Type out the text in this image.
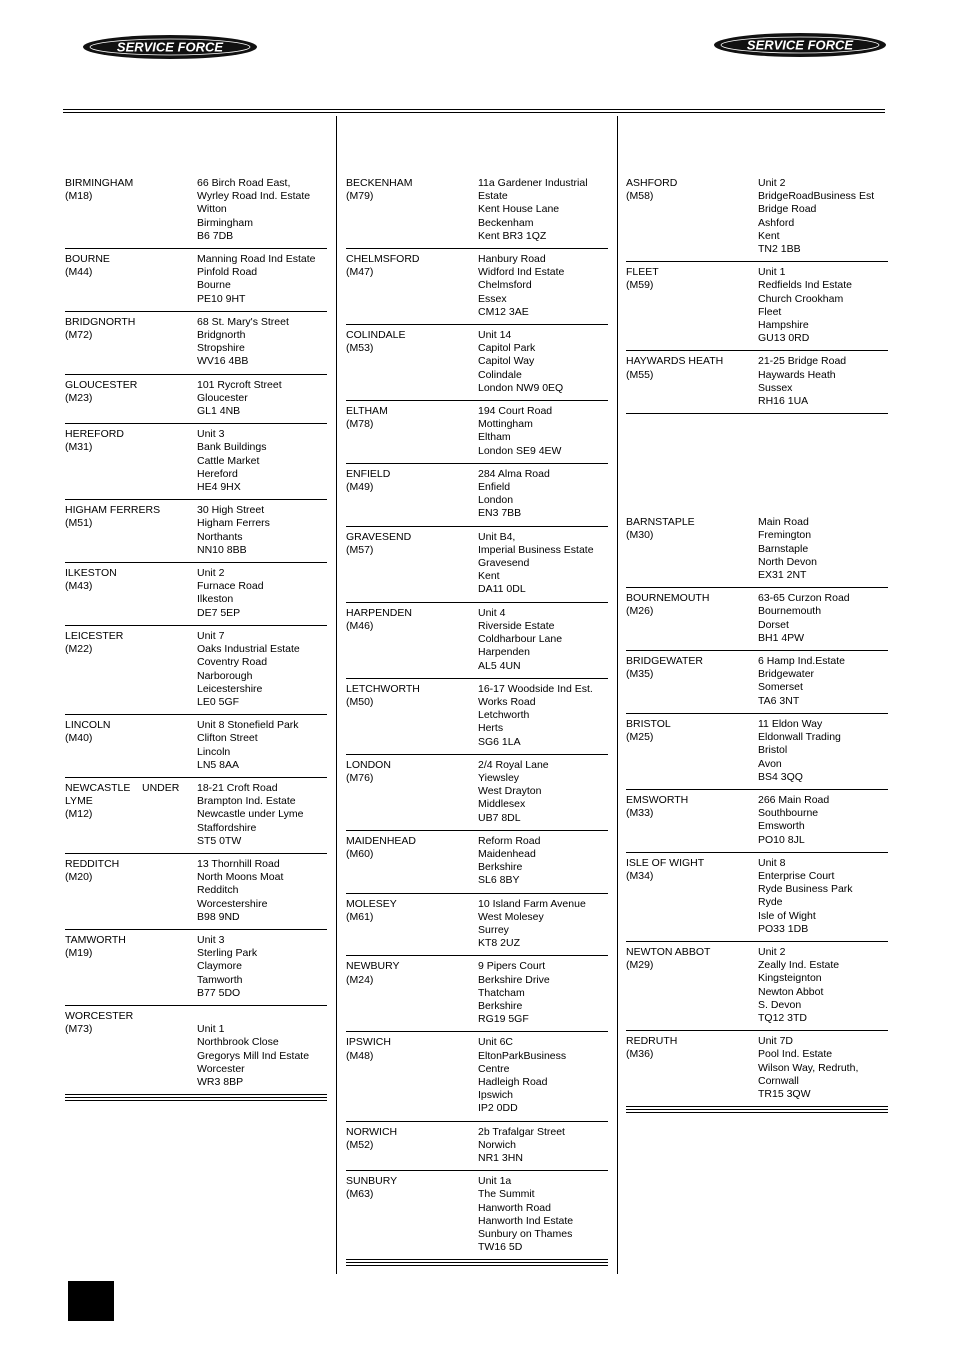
SERVICE FORCE	SERVICE FORCE
BIRMINGHAM
(M18)
66 Birch Road East,
Wyrley Road Ind. Estate
Witton
Birmingham
B6 7DB
BOURNE
(M44)
Manning Road Ind Estate
Pinfold Road
Bourne
PE10 9HT
BRIDGNORTH
(M72)
68 St. Mary's Street
Bridgnorth
Stropshire
WV16 4BB
GLOUCESTER
(M23)
101 Rycroft Street
Gloucester
GL1 4NB
HEREFORD
(M31)
Unit 3
Bank Buildings
Cattle Market
Hereford
HE4 9HX
HIGHAM FERRERS
(M51)
30 High Street
Higham Ferrers
Northants
NN10 8BB
ILKESTON
(M43)
Unit 2
Furnace Road
Ilkeston
DE7 5EP
LEICESTER
(M22)
Unit 7
Oaks Industrial Estate
Coventry Road
Narborough
Leicestershire
LE0 5GF
LINCOLN
(M40)
Unit 8 Stonefield Park
Clifton Street
Lincoln
LN5 8AA
NEWCASTLE    UNDER
LYME
(M12)
18-21 Croft Road
Brampton Ind. Estate
Newcastle under Lyme
Staffordshire
ST5 0TW
REDDITCH
(M20)
13 Thornhill Road
North Moons Moat
Redditch
Worcestershire
B98 9ND
TAMWORTH
(M19)
Unit 3
Sterling Park
Claymore
Tamworth
B77 5DO
WORCESTER
(M73)
	Unit 1
Northbrook Close
Gregorys Mill Ind Estate
Worcester
WR3 8BP
BECKENHAM
(M79)
11a Gardener Industrial
Estate
Kent House Lane
Beckenham
Kent BR3 1QZ
CHELMSFORD
(M47)
Hanbury Road
Widford Ind Estate
Chelmsford
Essex
CM12 3AE
COLINDALE
(M53)
Unit 14
Capitol Park
Capitol Way
Colindale
London NW9 0EQ
ELTHAM
(M78)
194 Court Road
Mottingham
Eltham
London SE9 4EW
ENFIELD
(M49)
284 Alma Road
Enfield
London
EN3 7BB
GRAVESEND
(M57)
Unit B4,
Imperial Business Estate
Gravesend
Kent
DA11 0DL
HARPENDEN
(M46)
Unit 4
Riverside Estate
Coldharbour Lane
Harpenden
AL5 4UN
LETCHWORTH
(M50)
16-17 Woodside Ind Est.
Works Road
Letchworth
Herts
SG6 1LA
LONDON
(M76)
2/4 Royal Lane
Yiewsley
West Drayton
Middlesex
UB7 8DL
MAIDENHEAD
(M60)
Reform Road
Maidenhead
Berkshire
SL6 8BY
MOLESEY
(M61)
10 Island Farm Avenue
West Molesey
Surrey
KT8 2UZ
NEWBURY
(M24)
9 Pipers Court
Berkshire Drive
Thatcham
Berkshire
RG19 5GF
IPSWICH
(M48)
Unit 6C
EltonParkBusiness
Centre
Hadleigh Road
Ipswich
IP2 0DD
NORWICH
(M52)
2b Trafalgar Street
Norwich
NR1 3HN
SUNBURY
(M63)
Unit 1a
The Summit
Hanworth Road
Hanworth Ind Estate
Sunbury on Thames
TW16 5D
ASHFORD
(M58)
Unit 2
BridgeRoadBusiness Est
Bridge Road
Ashford
Kent
TN2 1BB
FLEET
(M59)
Unit 1
Redfields Ind Estate
Church Crookham
Fleet
Hampshire
GU13 0RD
HAYWARDS HEATH
(M55)
21-25 Bridge Road
Haywards Heath
Sussex
RH16 1UA
BARNSTAPLE
(M30)
Main Road
Fremington
Barnstaple
North Devon
EX31 2NT
BOURNEMOUTH
(M26)
63-65 Curzon Road
Bournemouth
Dorset
BH1 4PW
BRIDGEWATER
(M35)
6 Hamp Ind.Estate
Bridgewater
Somerset
TA6 3NT
BRISTOL
(M25)
11 Eldon Way
Eldonwall Trading
Bristol
Avon
BS4 3QQ
EMSWORTH
(M33)
266 Main Road
Southbourne
Emsworth
PO10 8JL
ISLE OF WIGHT
(M34)
Unit 8
Enterprise Court
Ryde Business Park
Ryde
Isle of Wight
PO33 1DB
NEWTON ABBOT
(M29)
Unit 2
Zeally Ind. Estate
Kingsteignton
Newton Abbot
S. Devon
TQ12 3TD
REDRUTH
(M36)
Unit 7D
Pool Ind. Estate
Wilson Way, Redruth,
Cornwall
TR15 3QW
